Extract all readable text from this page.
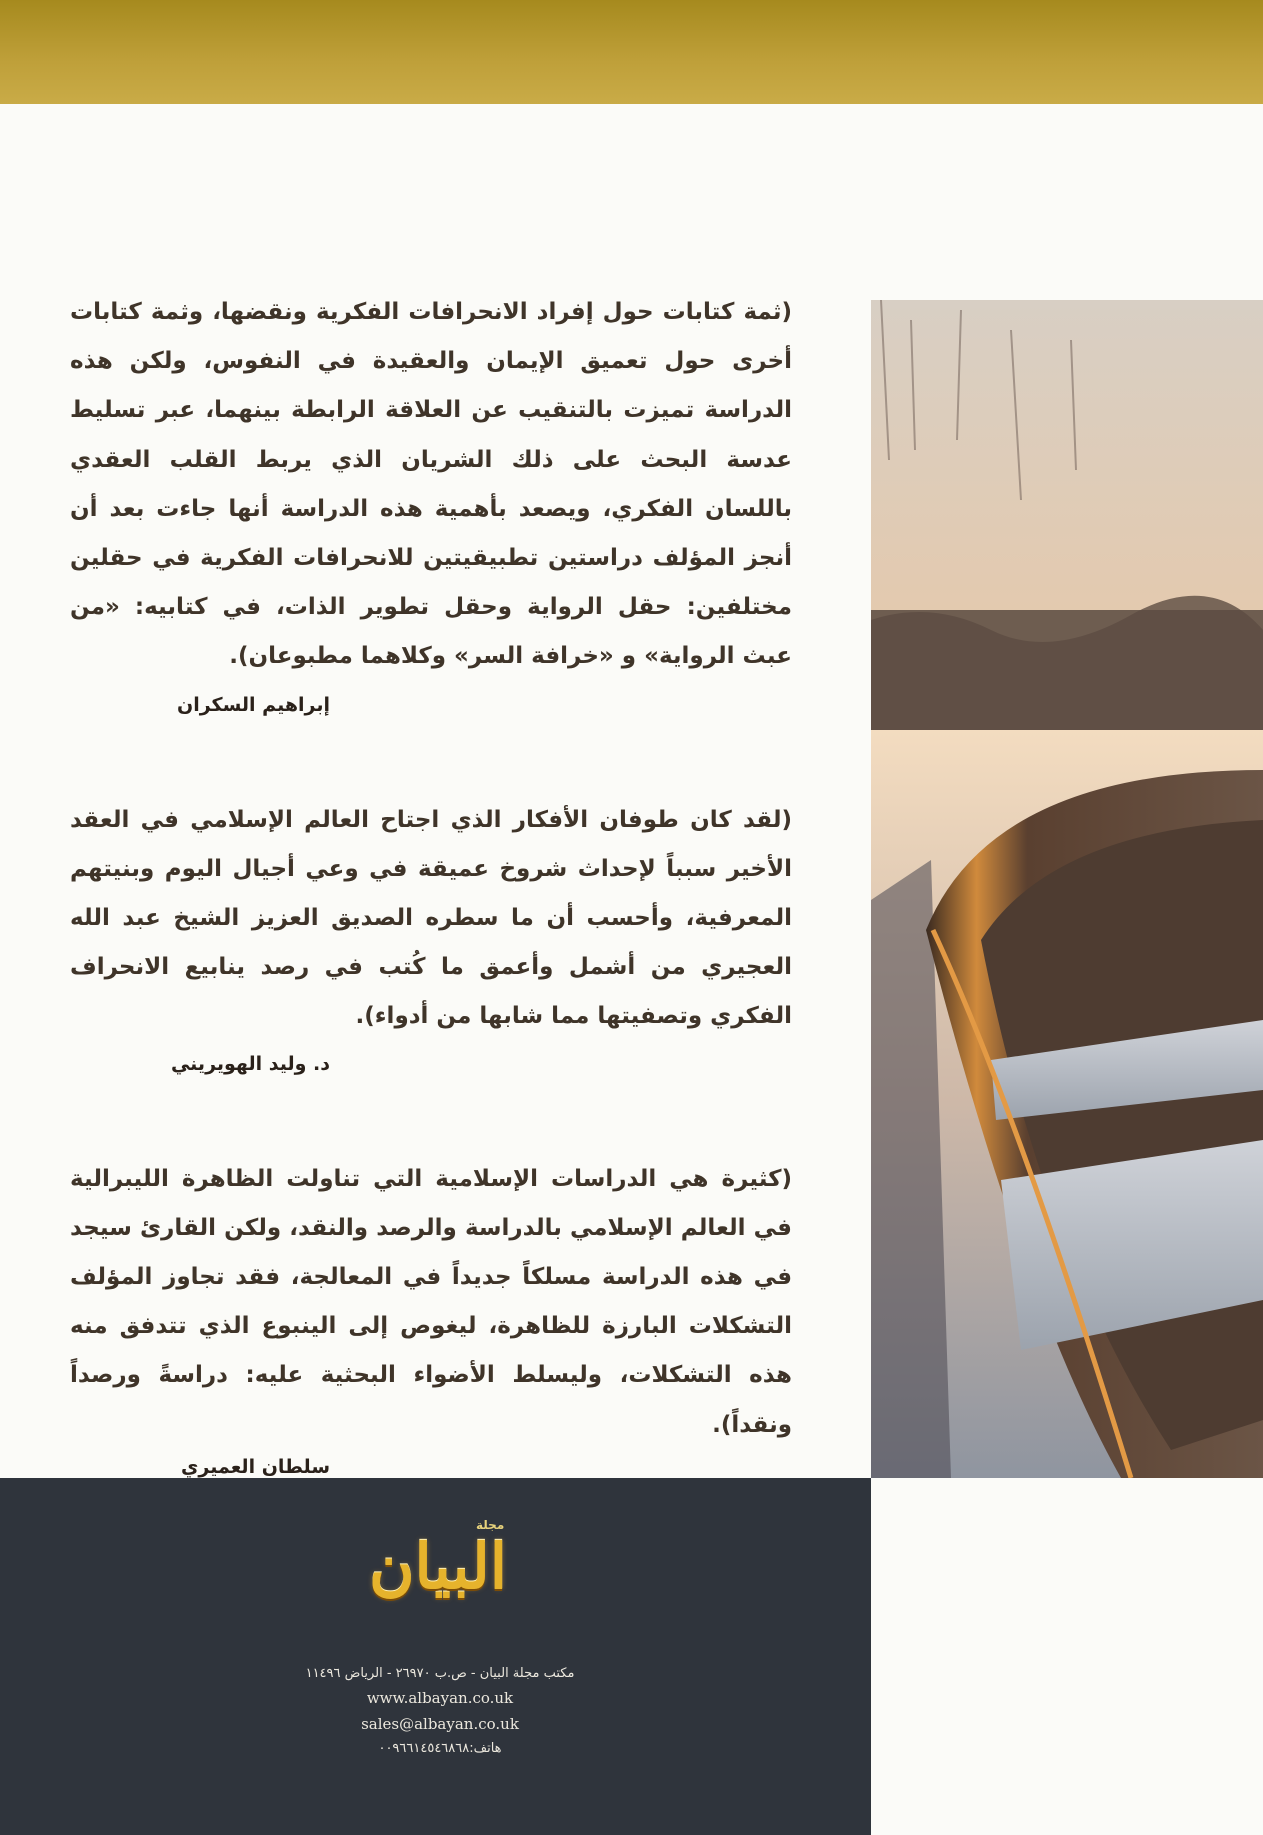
(ثمة كتابات حول إفراد الانحرافات الفكرية ونقضها، وثمة كتابات أخرى حول تعميق الإيمان والعقيدة في النفوس، ولكن هذه الدراسة تميزت بالتنقيب عن العلاقة الرابطة بينهما، عبر تسليط عدسة البحث على ذلك الشريان الذي يربط القلب العقدي باللسان الفكري، ويصعد بأهمية هذه الدراسة أنها جاءت بعد أن أنجز المؤلف دراستين تطبيقيتين للانحرافات الفكرية في حقلين مختلفين: حقل الرواية وحقل تطوير الذات، في كتابيه: «من عبث الرواية» و «خرافة السر» وكلاهما مطبوعان).

إبراهيم السكران

(لقد كان طوفان الأفكار الذي اجتاح العالم الإسلامي في العقد الأخير سبباً لإحداث شروخ عميقة في وعي أجيال اليوم وبنيتهم المعرفية، وأحسب أن ما سطره الصديق العزيز الشيخ عبد الله العجيري من أشمل وأعمق ما كُتب في رصد ينابيع الانحراف الفكري وتصفيتها مما شابها من أدواء).

د. وليد الهويريني

(كثيرة هي الدراسات الإسلامية التي تناولت الظاهرة الليبرالية في العالم الإسلامي بالدراسة والرصد والنقد، ولكن القارئ سيجد في هذه الدراسة مسلكاً جديداً في المعالجة، فقد تجاوز المؤلف التشكلات البارزة للظاهرة، ليغوص إلى الينبوع الذي تتدفق منه هذه التشكلات، وليسلط الأضواء البحثية عليه: دراسةً ورصداً ونقداً).

سلطان العميري

مجلة
البيان
مكتب مجلة البيان - ص.ب ٢٦٩٧٠ - الرياض ١١٤٩٦
www.albayan.co.uk
sales@albayan.co.uk
هاتف:٠٠٩٦٦١٤٥٤٦٨٦٨
